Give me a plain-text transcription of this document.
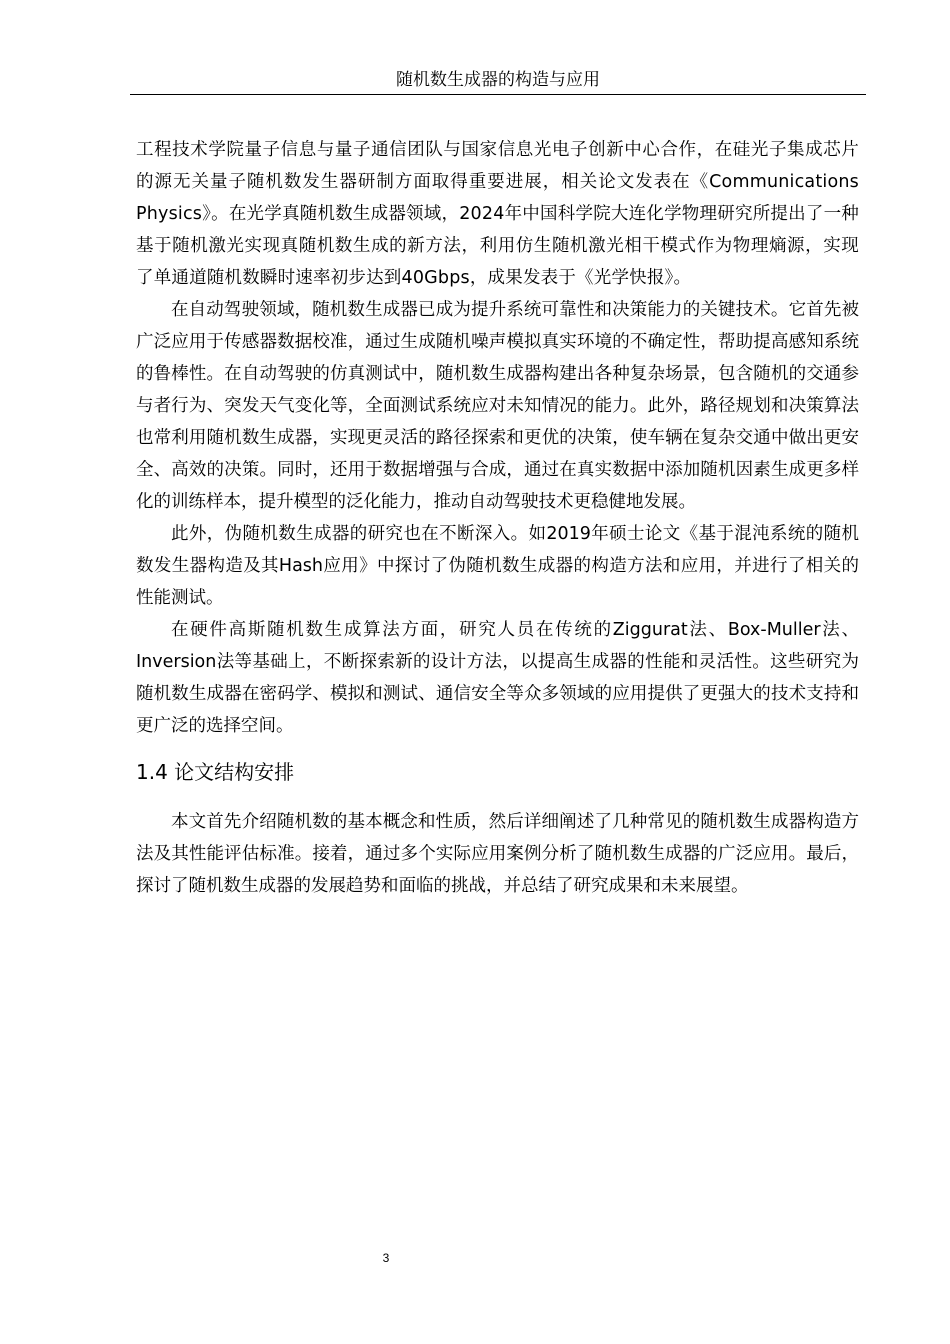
随机数生成器的构造与应用

工程技术学院量子信息与量子通信团队与国家信息光电子创新中心合作，在硅光子集成芯片的源无关量子随机数发生器研制方面取得重要进展，相关论文发表在《Communications Physics》。在光学真随机数生成器领域，2024年中国科学院大连化学物理研究所提出了一种基于随机激光实现真随机数生成的新方法，利用仿生随机激光相干模式作为物理熵源，实现了单通道随机数瞬时速率初步达到40Gbps，成果发表于《光学快报》。

在自动驾驶领域，随机数生成器已成为提升系统可靠性和决策能力的关键技术。它首先被广泛应用于传感器数据校准，通过生成随机噪声模拟真实环境的不确定性，帮助提高感知系统的鲁棒性。在自动驾驶的仿真测试中，随机数生成器构建出各种复杂场景，包含随机的交通参与者行为、突发天气变化等，全面测试系统应对未知情况的能力。此外，路径规划和决策算法也常利用随机数生成器，实现更灵活的路径探索和更优的决策，使车辆在复杂交通中做出更安全、高效的决策。同时，还用于数据增强与合成，通过在真实数据中添加随机因素生成更多样化的训练样本，提升模型的泛化能力，推动自动驾驶技术更稳健地发展。

此外，伪随机数生成器的研究也在不断深入。如2019年硕士论文《基于混沌系统的随机数发生器构造及其Hash应用》中探讨了伪随机数生成器的构造方法和应用，并进行了相关的性能测试。

在硬件高斯随机数生成算法方面，研究人员在传统的Ziggurat法、Box-Muller法、Inversion法等基础上，不断探索新的设计方法，以提高生成器的性能和灵活性。这些研究为随机数生成器在密码学、模拟和测试、通信安全等众多领域的应用提供了更强大的技术支持和更广泛的选择空间。

1.4 论文结构安排

本文首先介绍随机数的基本概念和性质，然后详细阐述了几种常见的随机数生成器构造方法及其性能评估标准。接着，通过多个实际应用案例分析了随机数生成器的广泛应用。最后，探讨了随机数生成器的发展趋势和面临的挑战，并总结了研究成果和未来展望。

3
